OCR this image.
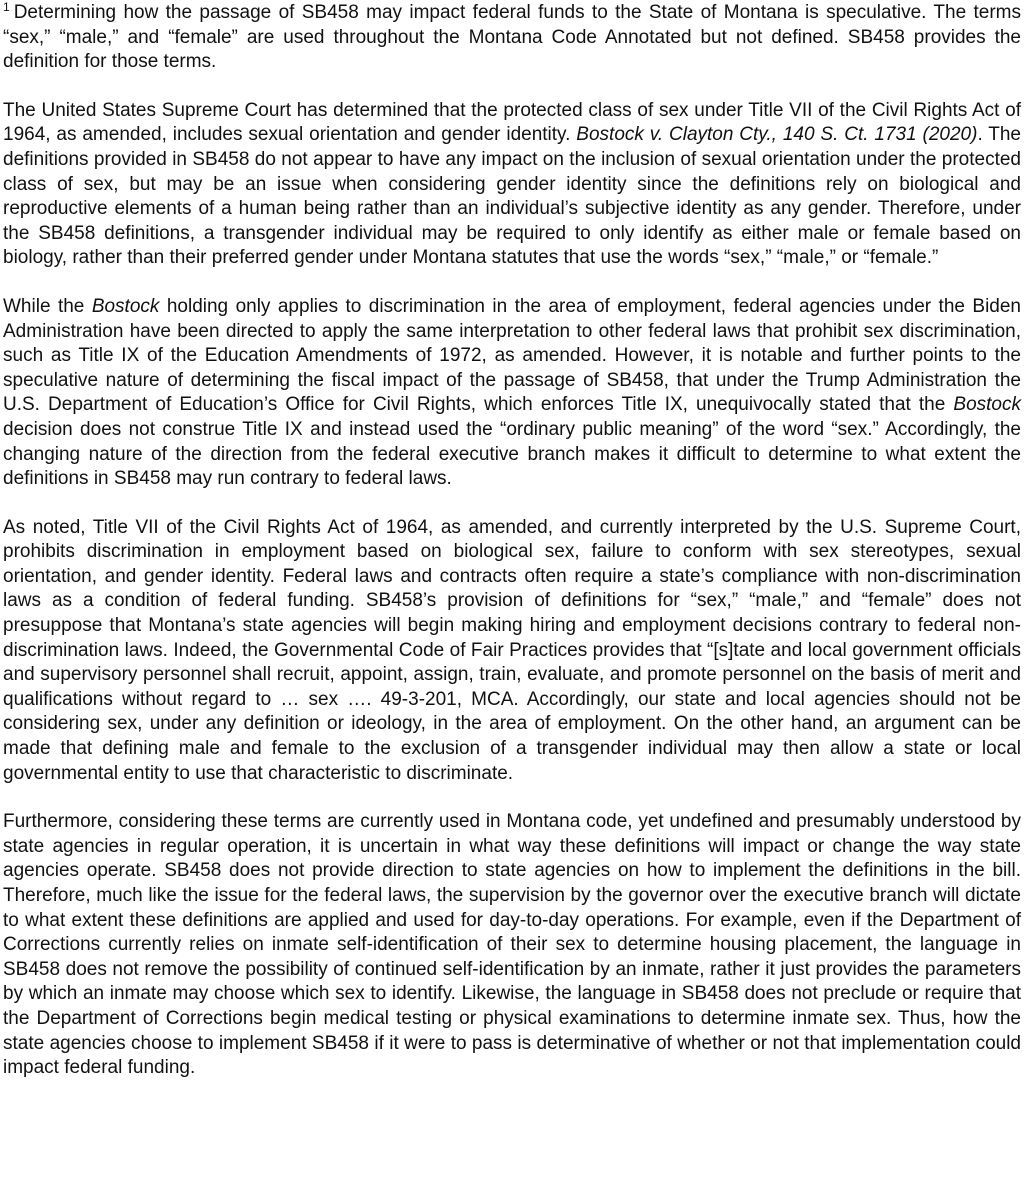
$^1$ Determining how the passage of SB458 may impact federal funds to the State of Montana is speculative. The terms “sex,” “male,” and “female” are used throughout the Montana Code Annotated but not defined. SB458 provides the definition for those terms.

The United States Supreme Court has determined that the protected class of sex under Title VII of the Civil Rights Act of 1964, as amended, includes sexual orientation and gender identity. Bostock v. Clayton Cty., 140 S. Ct. 1731 (2020). The definitions provided in SB458 do not appear to have any impact on the inclusion of sexual orientation under the protected class of sex, but may be an issue when considering gender identity since the definitions rely on biological and reproductive elements of a human being rather than an individual’s subjective identity as any gender. Therefore, under the SB458 definitions, a transgender individual may be required to only identify as either male or female based on biology, rather than their preferred gender under Montana statutes that use the words “sex,” “male,” or “female.”

While the Bostock holding only applies to discrimination in the area of employment, federal agencies under the Biden Administration have been directed to apply the same interpretation to other federal laws that prohibit sex discrimination, such as Title IX of the Education Amendments of 1972, as amended. However, it is notable and further points to the speculative nature of determining the fiscal impact of the passage of SB458, that under the Trump Administration the U.S. Department of Education’s Office for Civil Rights, which enforces Title IX, unequivocally stated that the Bostock decision does not construe Title IX and instead used the “ordinary public meaning” of the word “sex.” Accordingly, the changing nature of the direction from the federal executive branch makes it difficult to determine to what extent the definitions in SB458 may run contrary to federal laws.

As noted, Title VII of the Civil Rights Act of 1964, as amended, and currently interpreted by the U.S. Supreme Court, prohibits discrimination in employment based on biological sex, failure to conform with sex stereotypes, sexual orientation, and gender identity. Federal laws and contracts often require a state’s compliance with non-discrimination laws as a condition of federal funding. SB458’s provision of definitions for “sex,” “male,” and “female” does not presuppose that Montana’s state agencies will begin making hiring and employment decisions contrary to federal non-discrimination laws. Indeed, the Governmental Code of Fair Practices provides that “[s]tate and local government officials and supervisory personnel shall recruit, appoint, assign, train, evaluate, and promote personnel on the basis of merit and qualifications without regard to … sex …. 49-3-201, MCA. Accordingly, our state and local agencies should not be considering sex, under any definition or ideology, in the area of employment. On the other hand, an argument can be made that defining male and female to the exclusion of a transgender individual may then allow a state or local governmental entity to use that characteristic to discriminate.

Furthermore, considering these terms are currently used in Montana code, yet undefined and presumably understood by state agencies in regular operation, it is uncertain in what way these definitions will impact or change the way state agencies operate. SB458 does not provide direction to state agencies on how to implement the definitions in the bill. Therefore, much like the issue for the federal laws, the supervision by the governor over the executive branch will dictate to what extent these definitions are applied and used for day-to-day operations. For example, even if the Department of Corrections currently relies on inmate self-identification of their sex to determine housing placement, the language in SB458 does not remove the possibility of continued self-identification by an inmate, rather it just provides the parameters by which an inmate may choose which sex to identify. Likewise, the language in SB458 does not preclude or require that the Department of Corrections begin medical testing or physical examinations to determine inmate sex. Thus, how the state agencies choose to implement SB458 if it were to pass is determinative of whether or not that implementation could impact federal funding.
